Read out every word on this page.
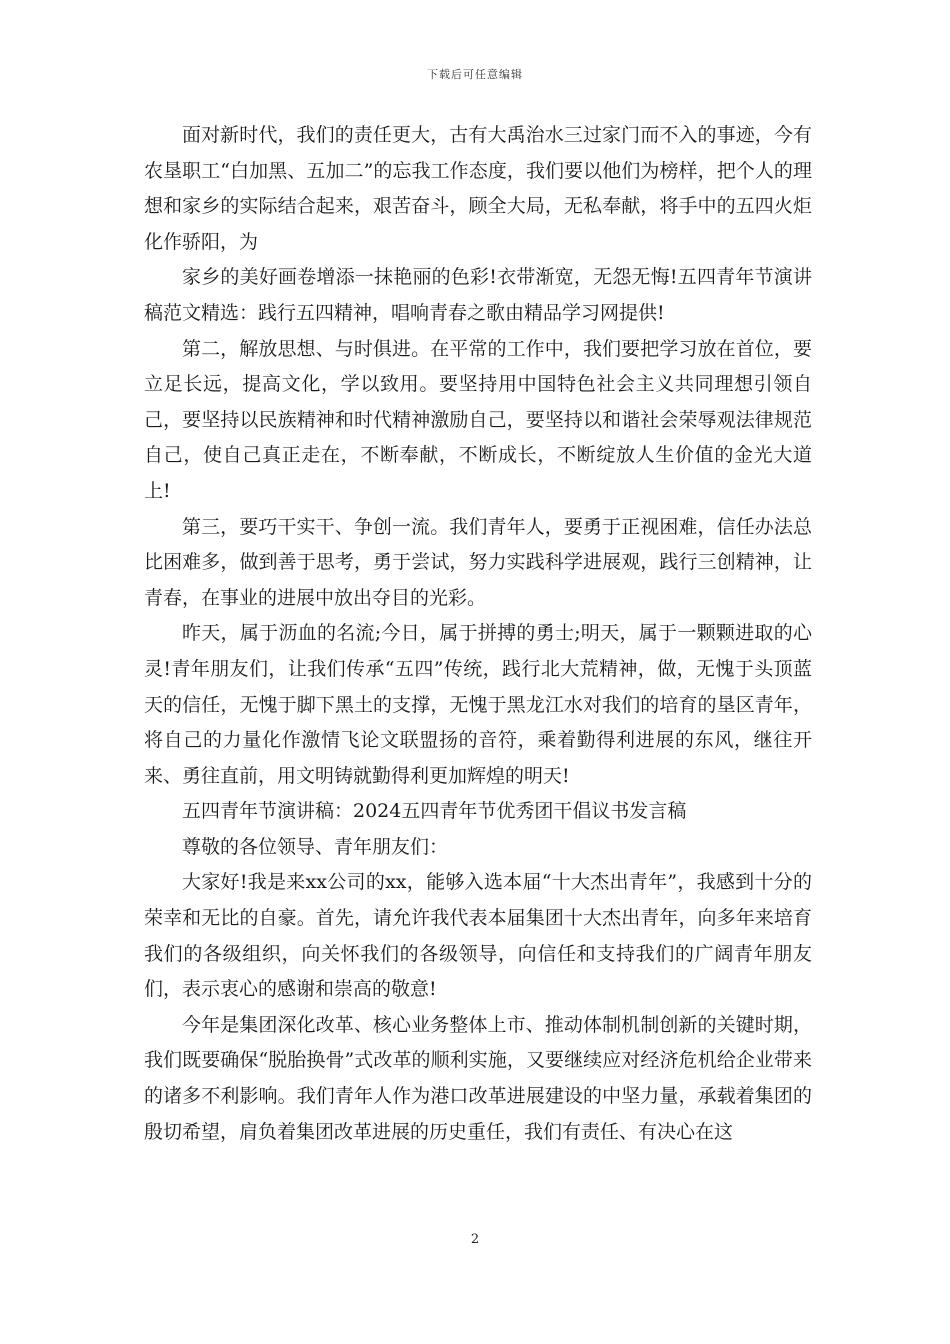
下载后可任意编辑

面对新时代，我们的责任更大，古有大禹治水三过家门而不入的事迹，今有农垦职工“白加黑、五加二”的忘我工作态度，我们要以他们为榜样，把个人的理想和家乡的实际结合起来，艰苦奋斗，顾全大局，无私奉献，将手中的五四火炬化作骄阳，为

家乡的美好画卷增添一抹艳丽的色彩!衣带渐宽，无怨无悔!五四青年节演讲稿范文精选：践行五四精神，唱响青春之歌由精品学习网提供!

第二，解放思想、与时俱进。在平常的工作中，我们要把学习放在首位，要立足长远，提高文化，学以致用。要坚持用中国特色社会主义共同理想引领自己，要坚持以民族精神和时代精神激励自己，要坚持以和谐社会荣辱观法律规范自己，使自己真正走在，不断奉献，不断成长，不断绽放人生价值的金光大道上!

第三，要巧干实干、争创一流。我们青年人，要勇于正视困难，信任办法总比困难多，做到善于思考，勇于尝试，努力实践科学进展观，践行三创精神，让青春，在事业的进展中放出夺目的光彩。

昨天，属于沥血的名流;今日，属于拼搏的勇士;明天，属于一颗颗进取的心灵!青年朋友们，让我们传承“五四”传统，践行北大荒精神，做，无愧于头顶蓝天的信任，无愧于脚下黑土的支撑，无愧于黑龙江水对我们的培育的垦区青年，将自己的力量化作激情飞论文联盟扬的音符，乘着勤得利进展的东风，继往开来、勇往直前，用文明铸就勤得利更加辉煌的明天!

五四青年节演讲稿：2024五四青年节优秀团干倡议书发言稿

尊敬的各位领导、青年朋友们：

大家好!我是来xx公司的xx，能够入选本届“十大杰出青年”，我感到十分的荣幸和无比的自豪。首先，请允许我代表本届集团十大杰出青年，向多年来培育我们的各级组织，向关怀我们的各级领导，向信任和支持我们的广阔青年朋友们，表示衷心的感谢和崇高的敬意!

今年是集团深化改革、核心业务整体上市、推动体制机制创新的关键时期，我们既要确保“脱胎换骨”式改革的顺利实施，又要继续应对经济危机给企业带来的诸多不利影响。我们青年人作为港口改革进展建设的中坚力量，承载着集团的殷切希望，肩负着集团改革进展的历史重任，我们有责任、有决心在这

2
